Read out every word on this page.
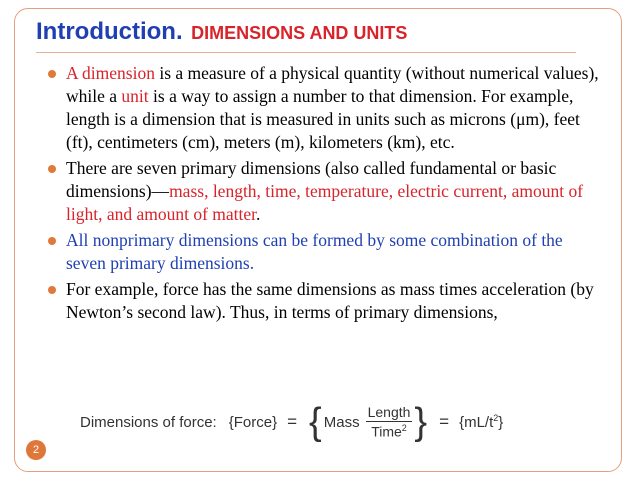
Introduction. DIMENSIONS AND UNITS
A dimension is a measure of a physical quantity (without numerical values), while a unit is a way to assign a number to that dimension. For example, length is a dimension that is measured in units such as microns (μm), feet (ft), centimeters (cm), meters (m), kilometers (km), etc.
There are seven primary dimensions (also called fundamental or basic dimensions)—mass, length, time, temperature, electric current, amount of light, and amount of matter.
All nonprimary dimensions can be formed by some combination of the seven primary dimensions.
For example, force has the same dimensions as mass times acceleration (by Newton’s second law). Thus, in terms of primary dimensions,
Dimensions of force: {Force} = { Mass $\frac{\text{Length}}{Time^2}$ } = $\{mL/t^2\}$
2
